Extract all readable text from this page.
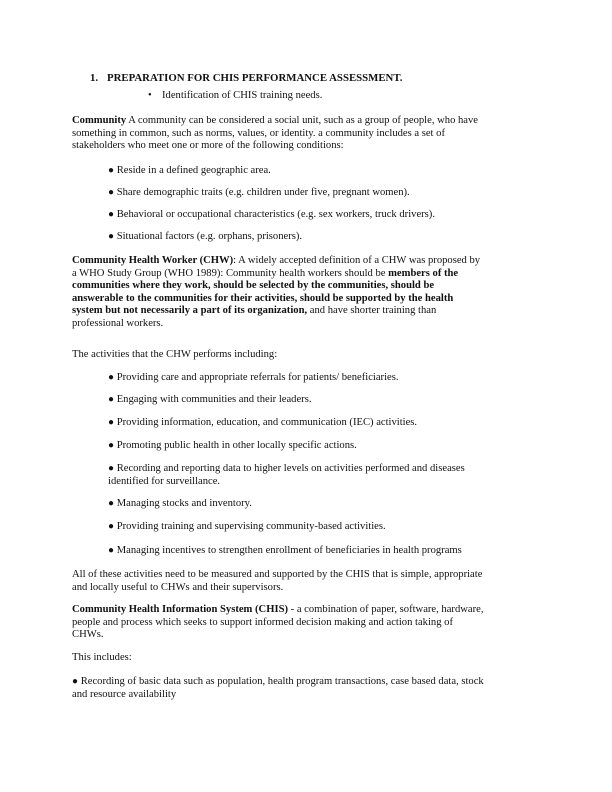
1. PREPARATION FOR CHIS PERFORMANCE ASSESSMENT.
• Identification of CHIS training needs.
Community A community can be considered a social unit, such as a group of people, who have
something in common, such as norms, values, or identity. a community includes a set of
stakeholders who meet one or more of the following conditions:
● Reside in a defined geographic area.
● Share demographic traits (e.g. children under five, pregnant women).
● Behavioral or occupational characteristics (e.g. sex workers, truck drivers).
● Situational factors (e.g. orphans, prisoners).
Community Health Worker (CHW): A widely accepted definition of a CHW was proposed by
a WHO Study Group (WHO 1989): Community health workers should be members of the
communities where they work, should be selected by the communities, should be
answerable to the communities for their activities, should be supported by the health
system but not necessarily a part of its organization, and have shorter training than
professional workers.
The activities that the CHW performs including:
● Providing care and appropriate referrals for patients/ beneficiaries.
● Engaging with communities and their leaders.
● Providing information, education, and communication (IEC) activities.
● Promoting public health in other locally specific actions.
● Recording and reporting data to higher levels on activities performed and diseases
identified for surveillance.
● Managing stocks and inventory.
● Providing training and supervising community-based activities.
● Managing incentives to strengthen enrollment of beneficiaries in health programs
All of these activities need to be measured and supported by the CHIS that is simple, appropriate
and locally useful to CHWs and their supervisors.
Community Health Information System (CHIS) - a combination of paper, software, hardware,
people and process which seeks to support informed decision making and action taking of
CHWs.
This includes:
● Recording of basic data such as population, health program transactions, case based data, stock
and resource availability
